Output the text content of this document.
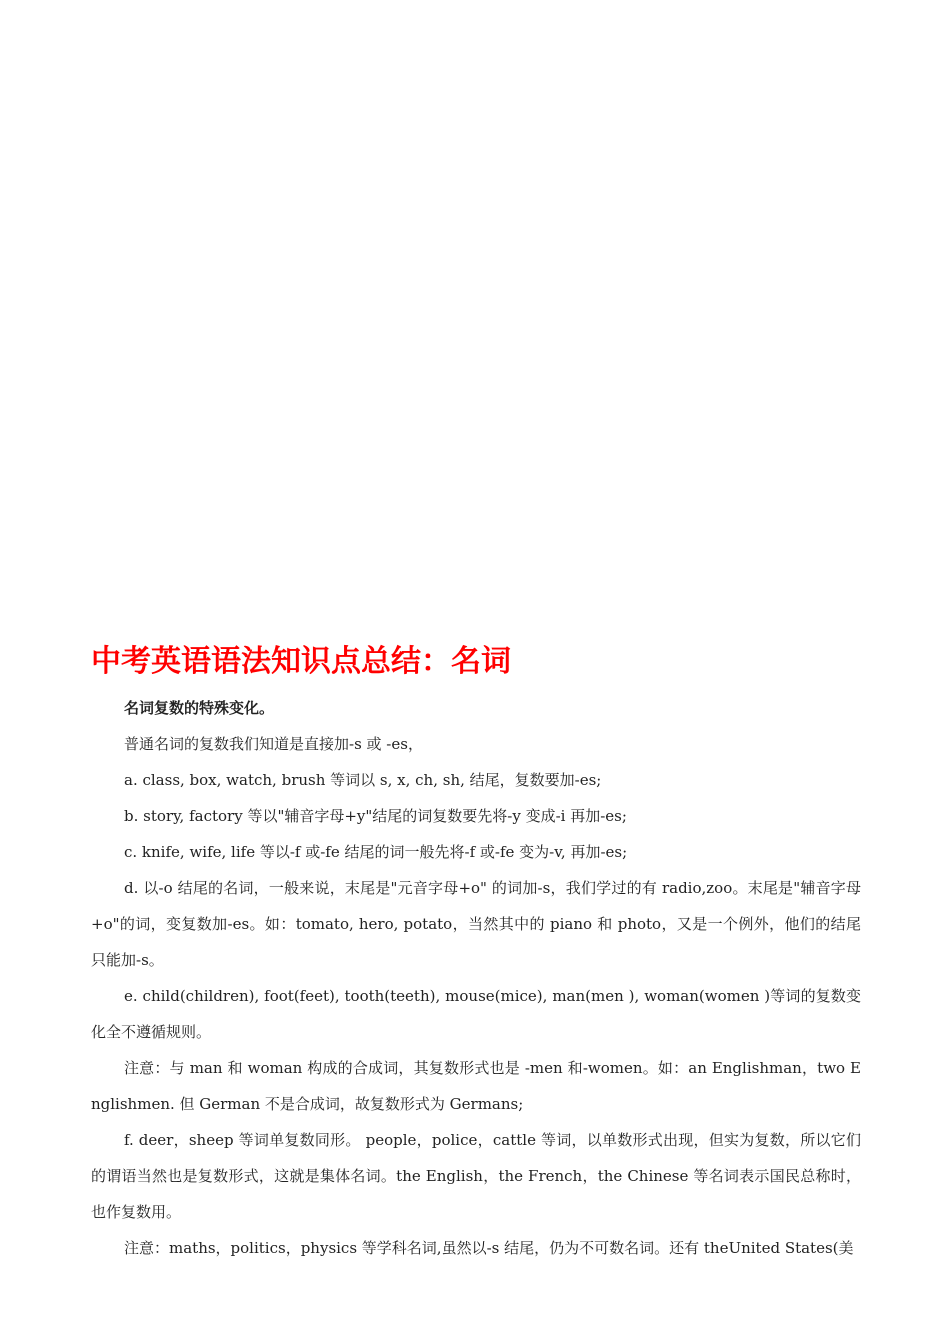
中考英语语法知识点总结：名词

名词复数的特殊变化。

普通名词的复数我们知道是直接加-s 或 -es，

a. class, box, watch, brush 等词以 s, x, ch, sh, 结尾，复数要加-es;

b. story, factory 等以"辅音字母+y"结尾的词复数要先将-y 变成-i 再加-es;

c. knife, wife, life 等以-f 或-fe 结尾的词一般先将-f 或-fe 变为-v, 再加-es;

d. 以-o 结尾的名词，一般来说，末尾是"元音字母+o" 的词加-s，我们学过的有 radio,zoo。末尾是"辅音字母+o"的词，变复数加-es。如：tomato, hero, potato，当然其中的 piano 和 photo，又是一个例外，他们的结尾只能加-s。

e. child(children), foot(feet), tooth(teeth), mouse(mice), man(men ), woman(women )等词的复数变化全不遵循规则。

注意：与 man 和 woman 构成的合成词，其复数形式也是 -men 和-women。如：an Englishman，two Englishmen. 但 German 不是合成词，故复数形式为 Germans;

f. deer，sheep 等词单复数同形。 people，police，cattle 等词，以单数形式出现，但实为复数，所以它们的谓语当然也是复数形式，这就是集体名词。the English，the French，the Chinese 等名词表示国民总称时，也作复数用。

注意：maths，politics，physics 等学科名词,虽然以-s 结尾，仍为不可数名词。还有 theUnited States(美
